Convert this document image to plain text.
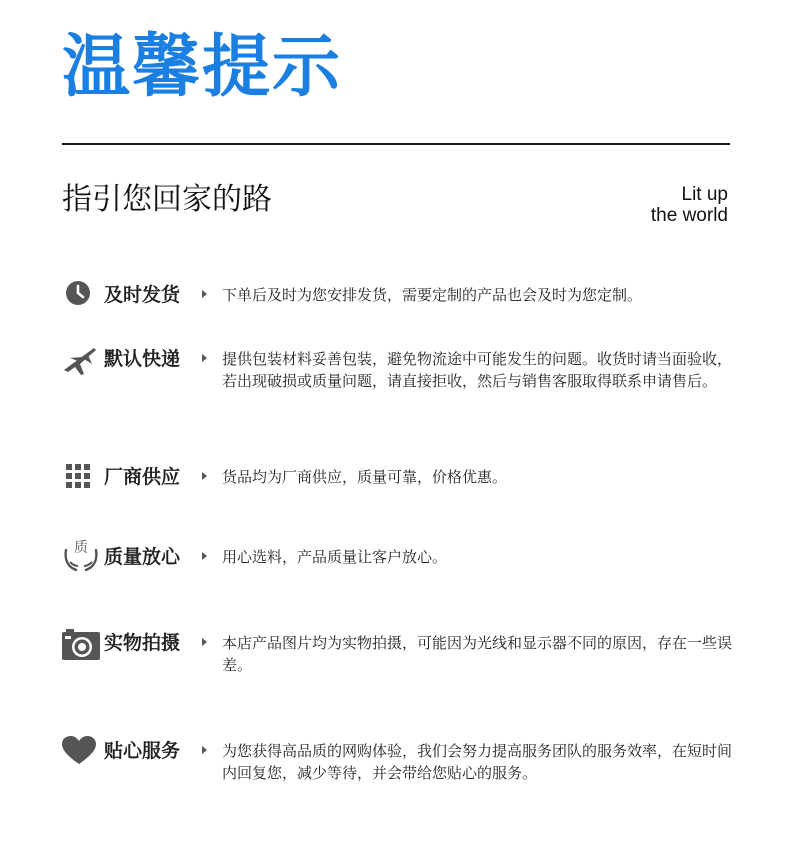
温馨提示
指引您回家的路	Lit up
the world
及时发货	下单后及时为您安排发货，需要定制的产品也会及时为您定制。
默认快递	提供包装材料妥善包装，避免物流途中可能发生的问题。收货时请当面验收，若出现破损或质量问题，请直接拒收，然后与销售客服取得联系申请售后。
厂商供应	货品均为厂商供应，质量可靠，价格优惠。
质 质量放心	用心选料，产品质量让客户放心。
实物拍摄	本店产品图片均为实物拍摄，可能因为光线和显示器不同的原因，存在一些误差。
贴心服务	为您获得高品质的网购体验，我们会努力提高服务团队的服务效率，在短时间内回复您，减少等待，并会带给您贴心的服务。
